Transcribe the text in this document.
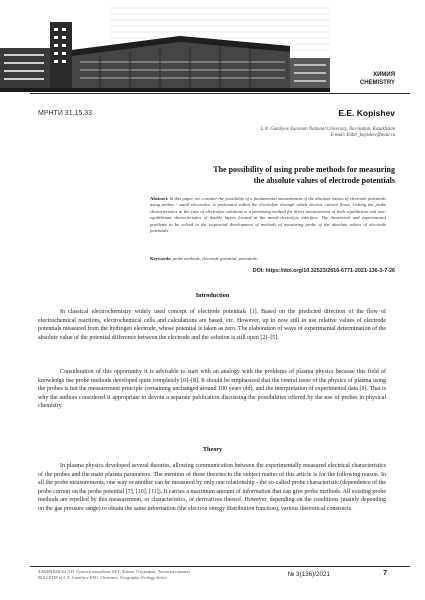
ХИМИЯ
CHEMISTRY
МРНТИ 31.15.33	E.E. Kopishev
L.N. Gumilyov Eurasian National University, Nur-Sultan, Kazakhstan
E-mail: Eldar_kopishev@mail.ru
The possibility of using probe methods for measuring
the absolute values of electrode potentials
Abstract. In this paper, we consider the possibility of a fundamental measurement of the absolute values of electrode potentials using probes - small electrodes, is positioned within the electrolyte through which electric current flows. Getting the probe characteristics in the case of electrolyte solutions is a promising method for direct measurement of both equilibrium and non-equilibrium characteristics of double layers formed at the metal-electrolyte interface. The theoretical and experimental problems to be solved in the sequential development of methods of measuring probe of the absolute values of electrode potentials.
Keywords: probe methods, electrode potential, potentials.
DOI: https://doi.org/10.32523/2616-6771-2021-136-3-7-26
Introduction
In classical electrochemistry widely used concept of electrode potentials [1]. Based on the predicted direction of the flow of electrochemical reactions, electrochemical cells and calculations are based, etc. However, up to now still in use relative values of electrode potentials measured from the hydrogen electrode, whose potential is taken as zero. The elaboration of ways of experimental determination of the absolute value of the potential difference between the electrode and the solution is still open [2]–[5].
Consideration of this opportunity it is advisable to start with an analogy with the problems of plasma physics because this field of knowledge use probe methods developed quite completely [6]–[8]. It should be emphasized that the central issue of the physics of plasma using the probes is not the measurement principle (remaining unchanged around 100 years old), and the interpretation of experimental data [9]. That is why the authors considered it appropriate to devote a separate publication discussing the possibilities offered by the use of probes in physical chemistry.
Theory
In plasma physics developed several theories, allowing communication between the experimentally measured electrical characteristics of the probes and the main plasma parameters. The mention of these theories to the subject matter of this article is for the following reason. In all the probe measurements, one way or another can be measured by only one relationship - the so-called probe characteristic (dependence of the probe current on the probe potential [7], [10], [11]). It carries a maximum amount of information that can give probe methods. All existing probe methods are repelled by this measurement, or characteristics, or derivatives thereof. However, depending on the conditions (mainly depending on the gas pressure range) to obtain the same information (the electron energy distribution function), various theoretical constructs.
ХАБАРШЫСЫ Л.Н. Гумилев атындағы ЕҰУ. Химия. География. Экология сериясы
BULLETIN of L.N. Gumilyov ENU. Chemistry. Geography. Ecology Series	№ 3(136)/2021	7
